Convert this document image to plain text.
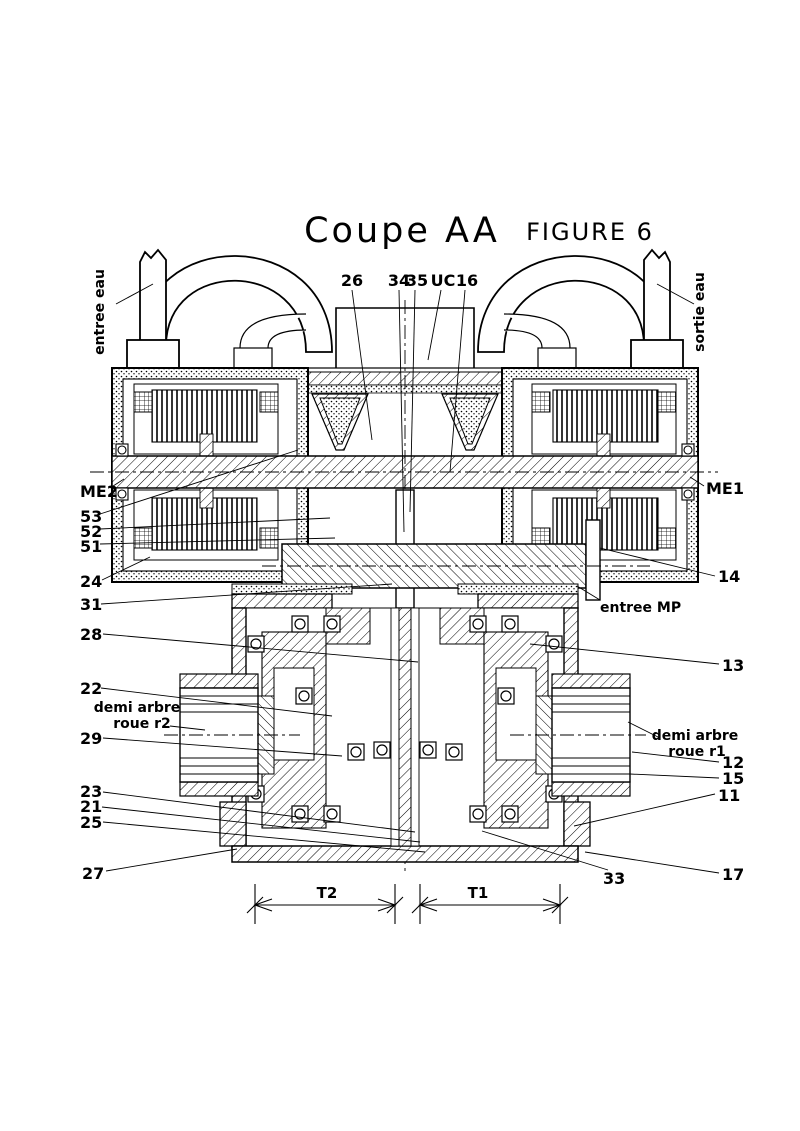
Coupe AA FIGURE 6
entree eau	sortie eau
26 34
35 UC 16
ME2
53
52
51
24
31
28
22
demi arbre
roue r2
29
23
21
25
27
ME1
14
entree MP
13
demi arbre
roue r1
12
15
11
17
33
T2	T1
